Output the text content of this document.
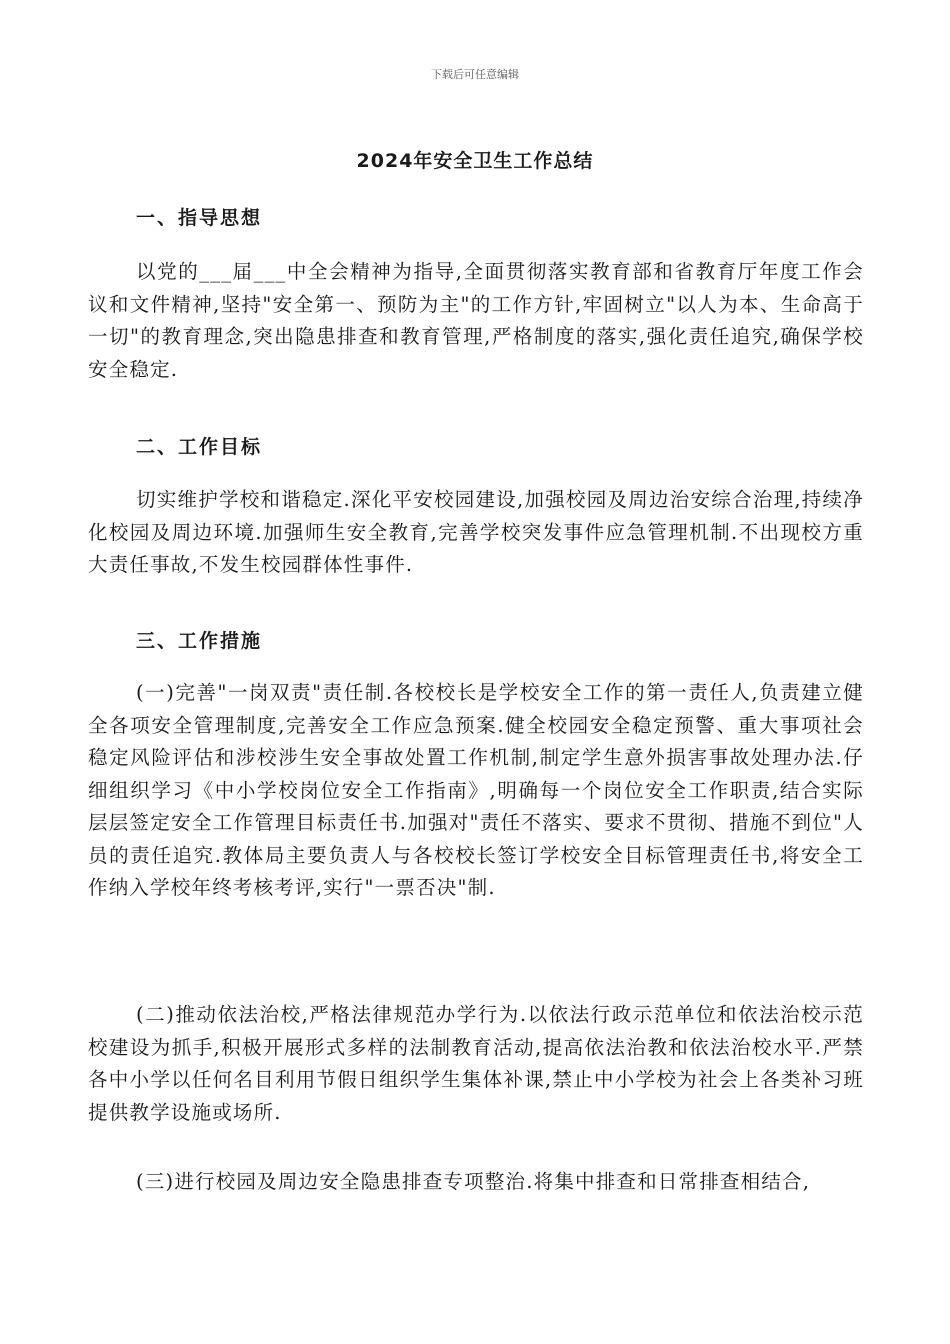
下载后可任意编辑
2024年安全卫生工作总结
一、指导思想

以党的___届___中全会精神为指导,全面贯彻落实教育部和省教育厅年度工作会议和文件精神,坚持"安全第一、预防为主"的工作方针,牢固树立"以人为本、生命高于一切"的教育理念,突出隐患排查和教育管理,严格制度的落实,强化责任追究,确保学校安全稳定.

二、工作目标

切实维护学校和谐稳定.深化平安校园建设,加强校园及周边治安综合治理,持续净化校园及周边环境.加强师生安全教育,完善学校突发事件应急管理机制.不出现校方重大责任事故,不发生校园群体性事件.

三、工作措施

(一)完善"一岗双责"责任制.各校校长是学校安全工作的第一责任人,负责建立健全各项安全管理制度,完善安全工作应急预案.健全校园安全稳定预警、重大事项社会稳定风险评估和涉校涉生安全事故处置工作机制,制定学生意外损害事故处理办法.仔细组织学习《中小学校岗位安全工作指南》,明确每一个岗位安全工作职责,结合实际层层签定安全工作管理目标责任书.加强对"责任不落实、要求不贯彻、措施不到位"人员的责任追究.教体局主要负责人与各校校长签订学校安全目标管理责任书,将安全工作纳入学校年终考核考评,实行"一票否决"制.

(二)推动依法治校,严格法律规范办学行为.以依法行政示范单位和依法治校示范校建设为抓手,积极开展形式多样的法制教育活动,提高依法治教和依法治校水平.严禁各中小学以任何名目利用节假日组织学生集体补课,禁止中小学校为社会上各类补习班提供教学设施或场所.

(三)进行校园及周边安全隐患排查专项整治.将集中排查和日常排查相结合,
